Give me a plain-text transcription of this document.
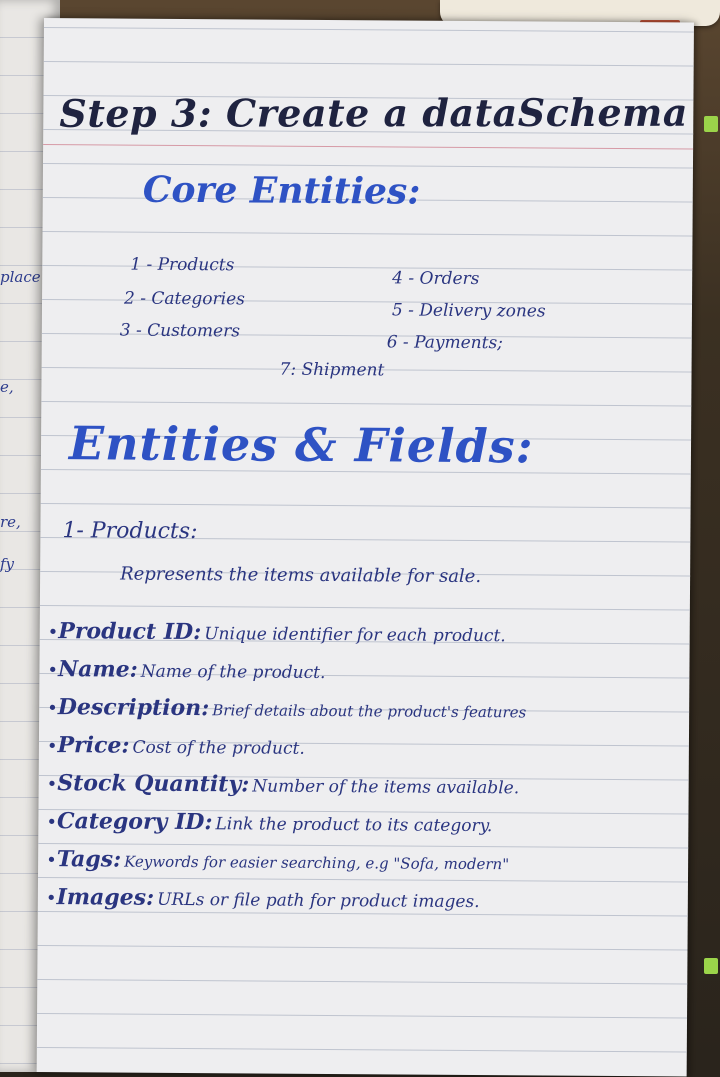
place
e,
re,
fy
Step 3: Create a dataSchema
Core Entities:
1 - Products
2 - Categories
3 - Customers
4 - Orders
5 - Delivery zones
6 - Payments;
7: Shipment
Entities & Fields:
1- Products:
Represents the items available for sale.
•Product ID: Unique identifier for each product.
•Name: Name of the product.
•Description: Brief details about the product's features
•Price: Cost of the product.
•Stock Quantity: Number of the items available.
•Category ID: Link the product to its category.
•Tags: Keywords for easier searching, e.g "Sofa, modern"
•Images: URLs or file path for product images.
